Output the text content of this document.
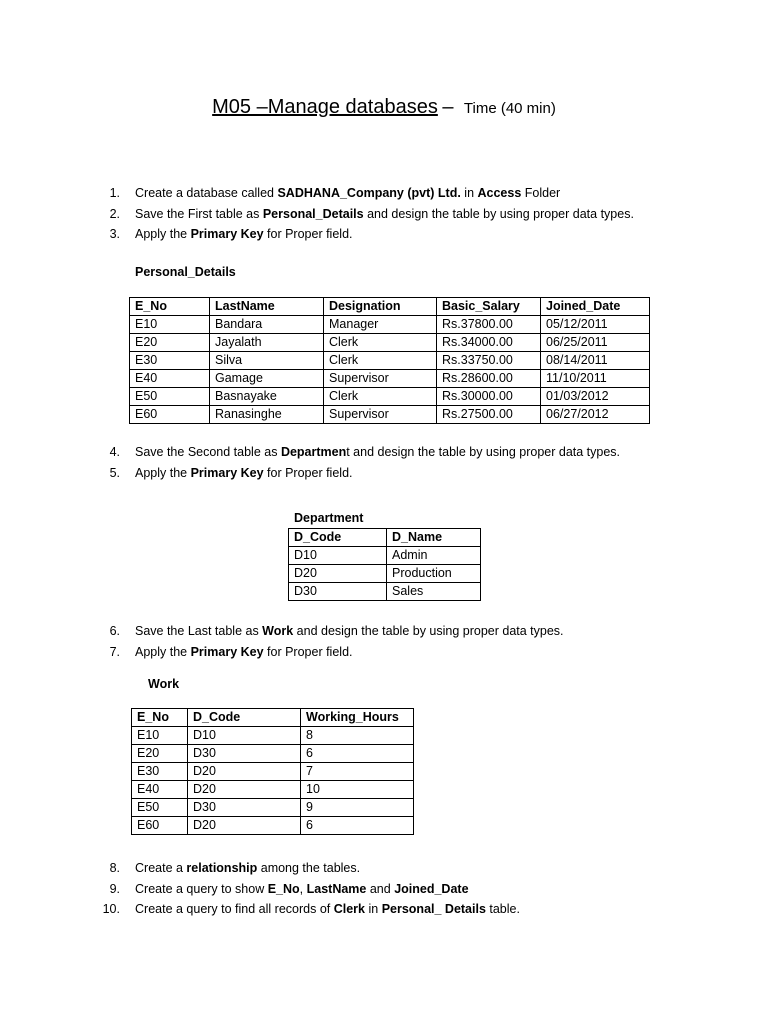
M05 –Manage databases – Time (40 min)
1. Create a database called SADHANA_Company (pvt) Ltd. in Access Folder
2. Save the First table as Personal_Details and design the table by using proper data types.
3. Apply the Primary Key for Proper field.
Personal_Details
E_No	LastName	Designation	Basic_Salary	Joined_Date
E10	Bandara	Manager	Rs.37800.00	05/12/2011
E20	Jayalath	Clerk	Rs.34000.00	06/25/2011
E30	Silva	Clerk	Rs.33750.00	08/14/2011
E40	Gamage	Supervisor	Rs.28600.00	11/10/2011
E50	Basnayake	Clerk	Rs.30000.00	01/03/2012
E60	Ranasinghe	Supervisor	Rs.27500.00	06/27/2012
4. Save the Second table as Department and design the table by using proper data types.
5. Apply the Primary Key for Proper field.
Department
D_Code	D_Name
D10	Admin
D20	Production
D30	Sales
6. Save the Last table as Work and design the table by using proper data types.
7. Apply the Primary Key for Proper field.
Work
E_No	D_Code	Working_Hours
E10	D10	8
E20	D30	6
E30	D20	7
E40	D20	10
E50	D30	9
E60	D20	6
8. Create a relationship among the tables.
9. Create a query to show E_No, LastName and Joined_Date
10. Create a query to find all records of Clerk in Personal_ Details table.
